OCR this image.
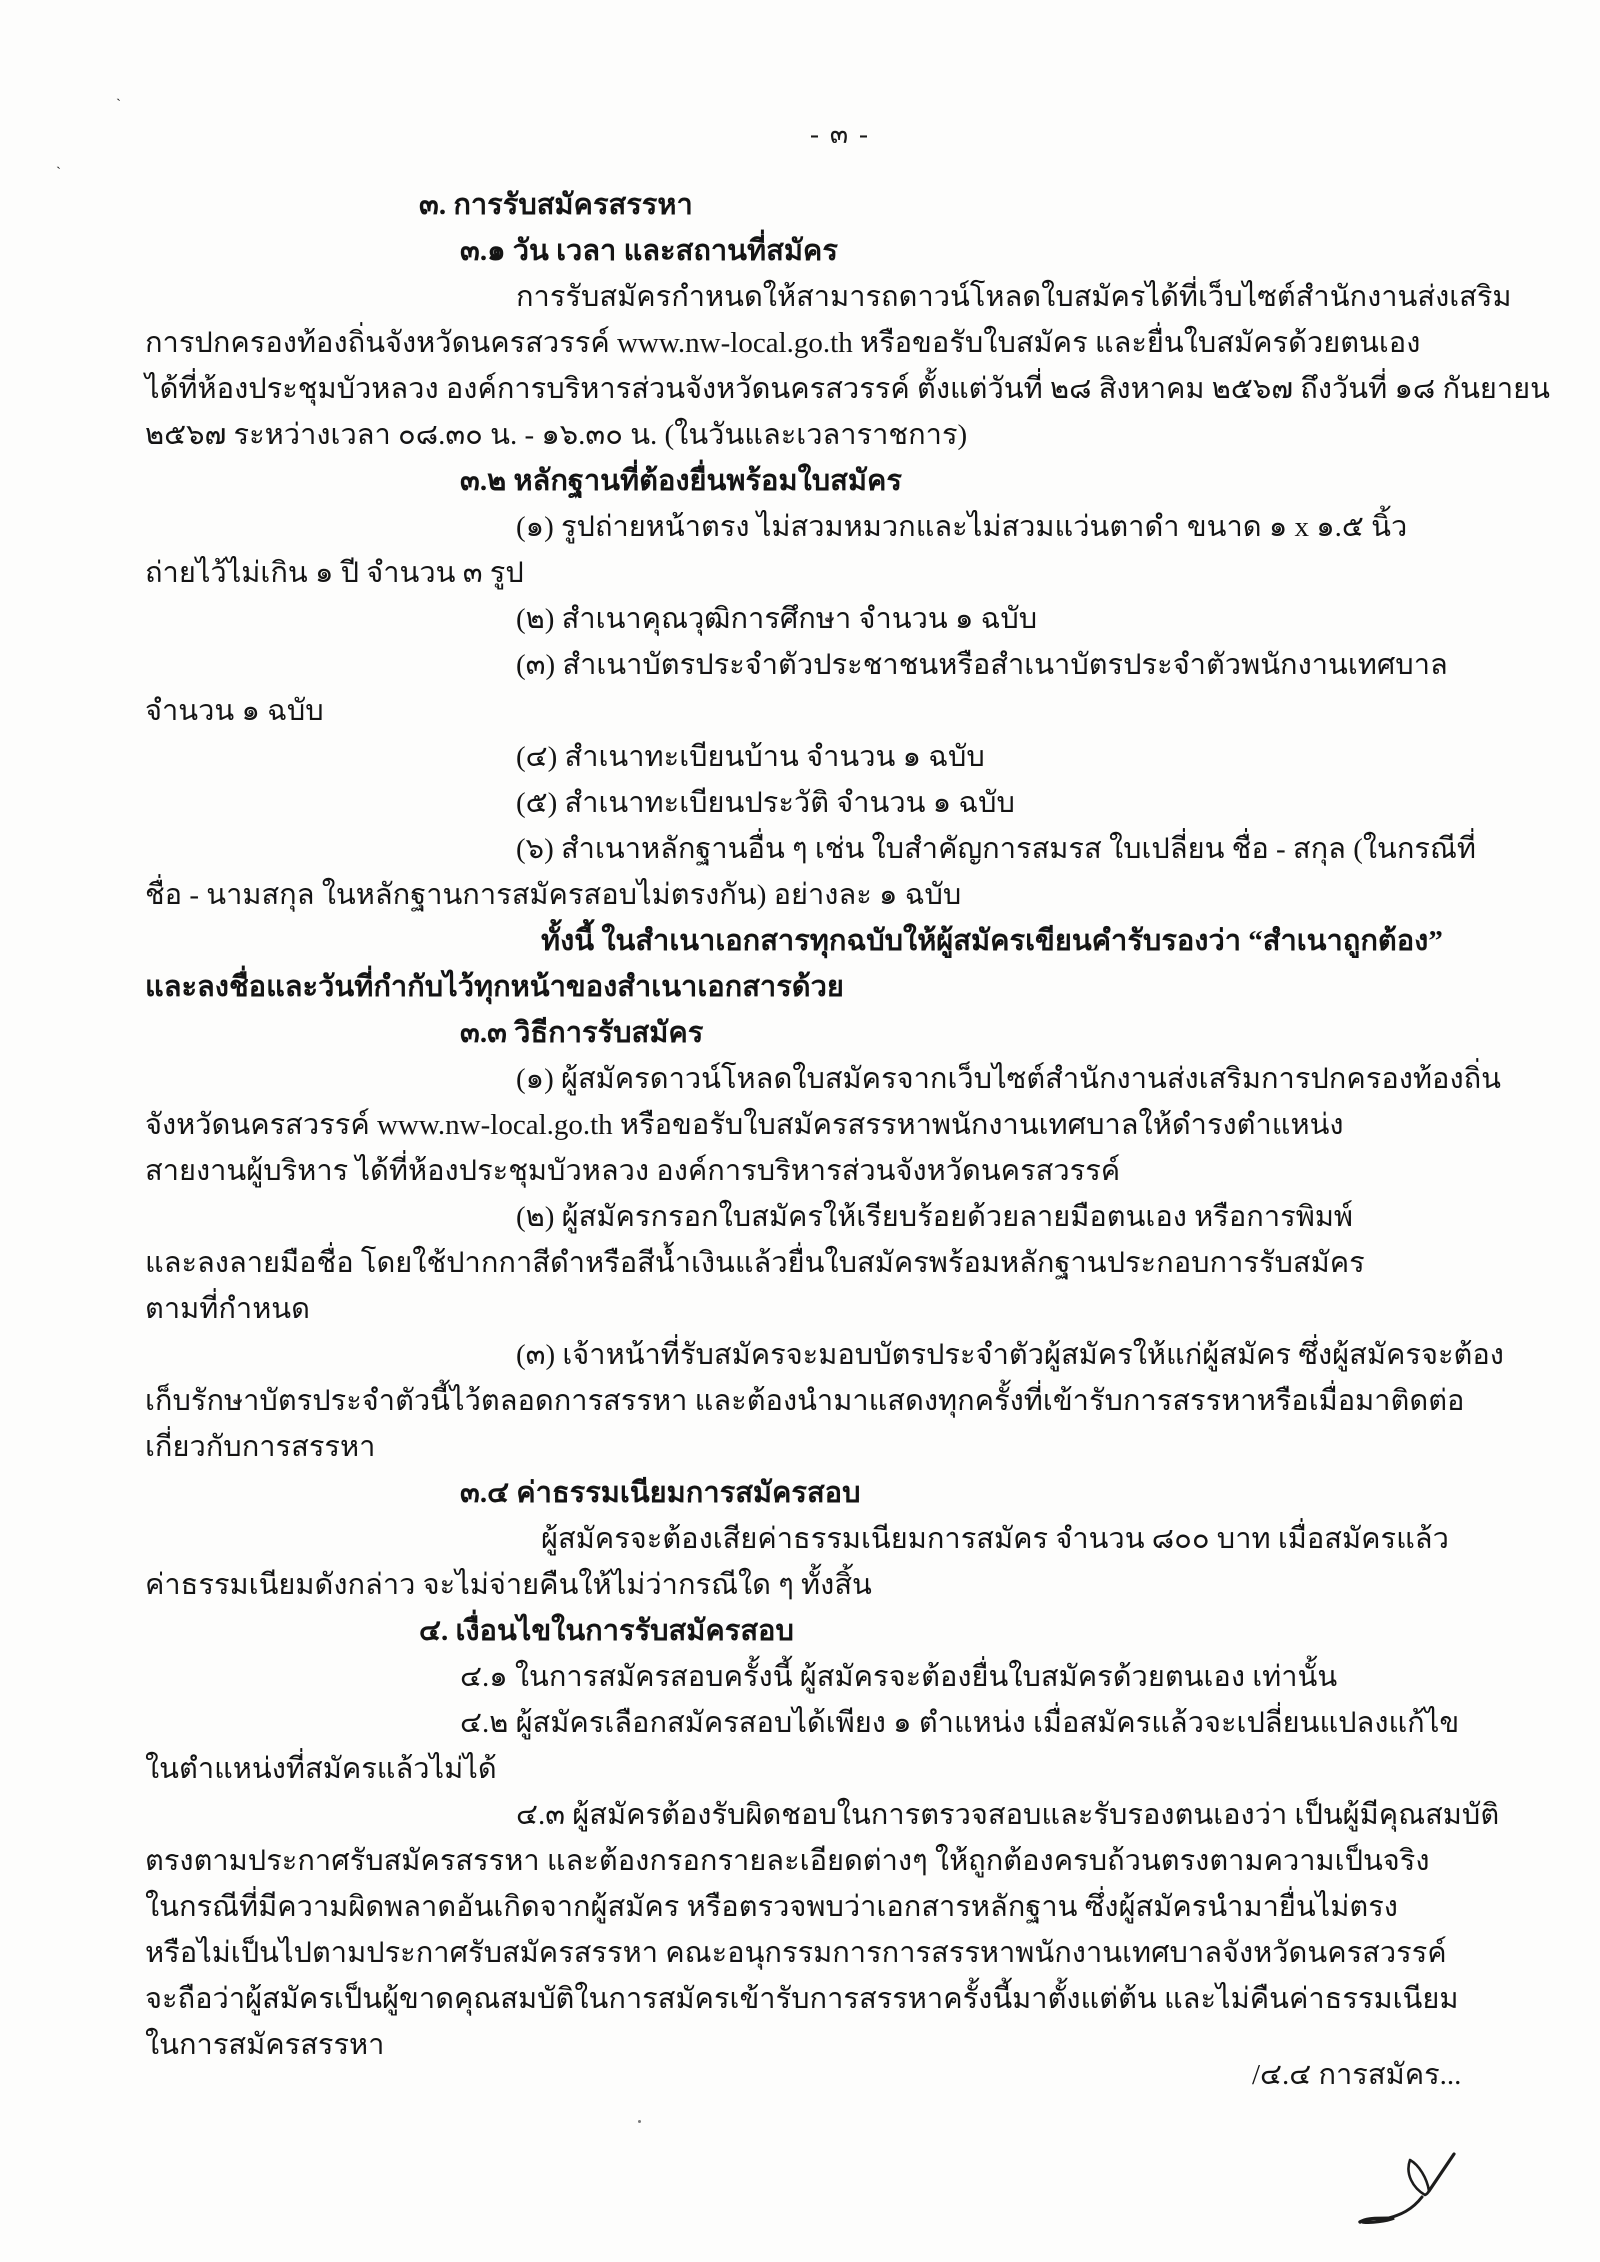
- ๓ -
`
`
๓. การรับสมัครสรรหา
๓.๑ วัน เวลา และสถานที่สมัคร
การรับสมัครกำหนดให้สามารถดาวน์โหลดใบสมัครได้ที่เว็บไซต์สำนักงานส่งเสริม
การปกครองท้องถิ่นจังหวัดนครสวรรค์ www.nw-local.go.th หรือขอรับใบสมัคร และยื่นใบสมัครด้วยตนเอง
ได้ที่ห้องประชุมบัวหลวง องค์การบริหารส่วนจังหวัดนครสวรรค์ ตั้งแต่วันที่ ๒๘ สิงหาคม ๒๕๖๗ ถึงวันที่ ๑๘ กันยายน
๒๕๖๗ ระหว่างเวลา ๐๘.๓๐ น. - ๑๖.๓๐ น. (ในวันและเวลาราชการ)
๓.๒ หลักฐานที่ต้องยื่นพร้อมใบสมัคร
(๑) รูปถ่ายหน้าตรง ไม่สวมหมวกและไม่สวมแว่นตาดำ ขนาด ๑ x ๑.๕ นิ้ว
ถ่ายไว้ไม่เกิน ๑ ปี จำนวน ๓ รูป
(๒) สำเนาคุณวุฒิการศึกษา จำนวน ๑ ฉบับ
(๓) สำเนาบัตรประจำตัวประชาชนหรือสำเนาบัตรประจำตัวพนักงานเทศบาล
จำนวน ๑ ฉบับ
(๔) สำเนาทะเบียนบ้าน จำนวน ๑ ฉบับ
(๕) สำเนาทะเบียนประวัติ จำนวน ๑ ฉบับ
(๖) สำเนาหลักฐานอื่น ๆ เช่น ใบสำคัญการสมรส ใบเปลี่ยน ชื่อ - สกุล (ในกรณีที่
ชื่อ - นามสกุล ในหลักฐานการสมัครสอบไม่ตรงกัน) อย่างละ ๑ ฉบับ
ทั้งนี้ ในสำเนาเอกสารทุกฉบับให้ผู้สมัครเขียนคำรับรองว่า “สำเนาถูกต้อง”
และลงชื่อและวันที่กำกับไว้ทุกหน้าของสำเนาเอกสารด้วย
๓.๓ วิธีการรับสมัคร
(๑) ผู้สมัครดาวน์โหลดใบสมัครจากเว็บไซต์สำนักงานส่งเสริมการปกครองท้องถิ่น
จังหวัดนครสวรรค์ www.nw-local.go.th หรือขอรับใบสมัครสรรหาพนักงานเทศบาลให้ดำรงตำแหน่ง
สายงานผู้บริหาร ได้ที่ห้องประชุมบัวหลวง องค์การบริหารส่วนจังหวัดนครสวรรค์
(๒) ผู้สมัครกรอกใบสมัครให้เรียบร้อยด้วยลายมือตนเอง หรือการพิมพ์
และลงลายมือชื่อ โดยใช้ปากกาสีดำหรือสีน้ำเงินแล้วยื่นใบสมัครพร้อมหลักฐานประกอบการรับสมัคร
ตามที่กำหนด
(๓) เจ้าหน้าที่รับสมัครจะมอบบัตรประจำตัวผู้สมัครให้แก่ผู้สมัคร ซึ่งผู้สมัครจะต้อง
เก็บรักษาบัตรประจำตัวนี้ไว้ตลอดการสรรหา และต้องนำมาแสดงทุกครั้งที่เข้ารับการสรรหาหรือเมื่อมาติดต่อ
เกี่ยวกับการสรรหา
๓.๔ ค่าธรรมเนียมการสมัครสอบ
ผู้สมัครจะต้องเสียค่าธรรมเนียมการสมัคร จำนวน ๘๐๐ บาท เมื่อสมัครแล้ว
ค่าธรรมเนียมดังกล่าว จะไม่จ่ายคืนให้ไม่ว่ากรณีใด ๆ ทั้งสิ้น
๔. เงื่อนไขในการรับสมัครสอบ
๔.๑ ในการสมัครสอบครั้งนี้ ผู้สมัครจะต้องยื่นใบสมัครด้วยตนเอง เท่านั้น
๔.๒ ผู้สมัครเลือกสมัครสอบได้เพียง ๑ ตำแหน่ง เมื่อสมัครแล้วจะเปลี่ยนแปลงแก้ไข
ในตำแหน่งที่สมัครแล้วไม่ได้
๔.๓ ผู้สมัครต้องรับผิดชอบในการตรวจสอบและรับรองตนเองว่า เป็นผู้มีคุณสมบัติ
ตรงตามประกาศรับสมัครสรรหา และต้องกรอกรายละเอียดต่างๆ ให้ถูกต้องครบถ้วนตรงตามความเป็นจริง
ในกรณีที่มีความผิดพลาดอันเกิดจากผู้สมัคร หรือตรวจพบว่าเอกสารหลักฐาน ซึ่งผู้สมัครนำมายื่นไม่ตรง
หรือไม่เป็นไปตามประกาศรับสมัครสรรหา คณะอนุกรรมการการสรรหาพนักงานเทศบาลจังหวัดนครสวรรค์
จะถือว่าผู้สมัครเป็นผู้ขาดคุณสมบัติในการสมัครเข้ารับการสรรหาครั้งนี้มาตั้งแต่ต้น และไม่คืนค่าธรรมเนียม
ในการสมัครสรรหา
/๔.๔ การสมัคร...
